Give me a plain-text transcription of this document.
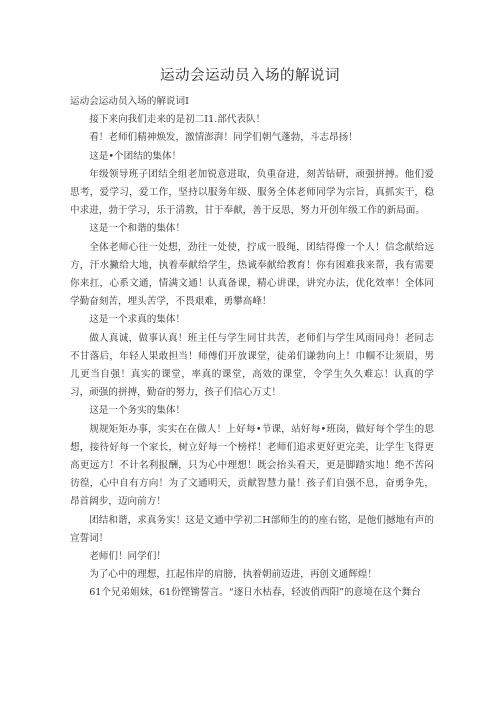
运动会运动员入场的解说词

运动会运动员入场的解说词Ⅰ

接下来向我们走来的是初二I1.部代表队！

看！老师们精神焕发，激情澎湃！同学们朝气蓬勃，斗志昂扬！

这是•个团结的集体！

年级领导班子团结全组老加锐意进取，负重奋进，刻苦钻研，顽强拼搏。他们爱思考，爱学习，爱工作，坚持以服务年级、服务全体老师同学为宗旨，真抓实干，稳中求进，勃于学习，乐于清教，甘于奉献，善于反思，努力开创年级工作的新局面。

这是一个和谐的集体！

全体老师心往一处想，劲往一处使，拧成一股绳，团结得像一个人！信念献给远方，汗水撇给大地，执着奉献给学生，热诚奉献给教育！你有困难我来帮，我有需要你来扛，心系文通，情满文通！认真备课，精心讲课，讲究办法，优化效率！全体同学勤奋刻苦，埋头苦学，不畏艰难，勇攀高峰！

这是一个求真的集体！

做人真诚，做事认真！班主任与学生同甘共苦，老师们与学生风雨同舟！老同志不甘落后，年轻人果敢担当！师傅们开放课堂，徒弟们谦勃向上！巾帼不让须眉，男儿更当自强！真实的课堂，率真的课堂，高效的课堂，令学生久久难忘！认真的学习，顽强的拼搏，勤奋的努力，孩子们信心万丈！

这是一个务实的集体！

规规矩矩办事，实实在在做人！上好每•节课，站好每•班岗，做好每个学生的思想，接待好每一个家长，树立好每一个榜样！老师们追求更好更完美，让学生飞得更高更远方！不计名利报酬，只为心中理想！既会抬头看天，更是脚踏实地！绝不苦闷彷徨，心中自有方向！为了文通明天，贡献智慧力量！孩子们自强不息，奋勇争先，昂首阔步，迈向前方！

团结和谐，求真务实！这是文通中学初二H部师生的的座右铭，是他们撼地有声的宣誓词！

老师们！同学们！

为了心中的理想，扛起伟岸的肩膀，执着朝前迈进，再创文通辉煌！

61个兄弟姐妹，61份铿锵誓言。“逐日水枯春，轻波俏西阳”的意境在这个舞台
